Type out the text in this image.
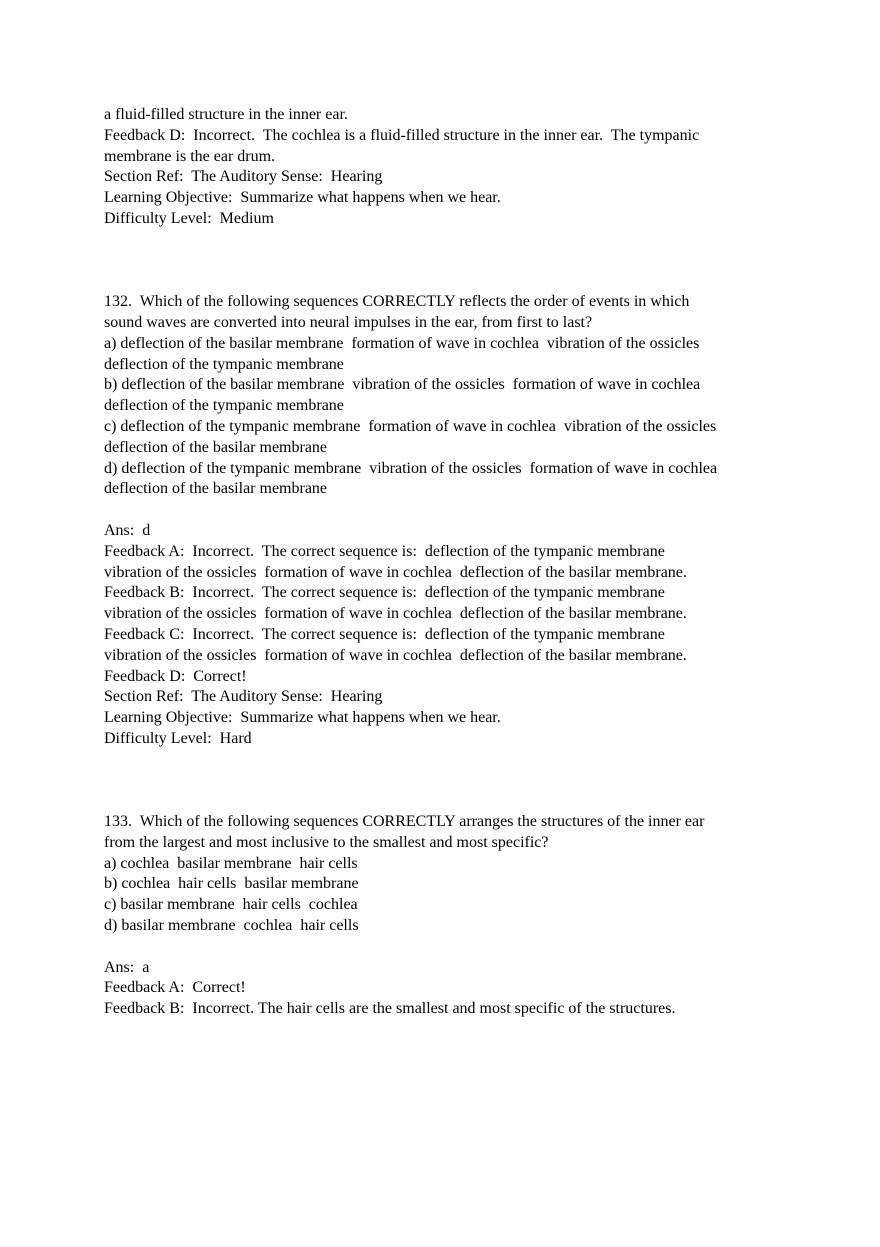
a fluid-filled structure in the inner ear.
Feedback D:  Incorrect.  The cochlea is a fluid-filled structure in the inner ear.  The tympanic
membrane is the ear drum.
Section Ref:  The Auditory Sense:  Hearing
Learning Objective:  Summarize what happens when we hear.
Difficulty Level:  Medium
132.  Which of the following sequences CORRECTLY reflects the order of events in which
sound waves are converted into neural impulses in the ear, from first to last?
a) deflection of the basilar membrane  formation of wave in cochlea  vibration of the ossicles
deflection of the tympanic membrane
b) deflection of the basilar membrane  vibration of the ossicles  formation of wave in cochlea
deflection of the tympanic membrane
c) deflection of the tympanic membrane  formation of wave in cochlea  vibration of the ossicles
deflection of the basilar membrane
d) deflection of the tympanic membrane  vibration of the ossicles  formation of wave in cochlea
deflection of the basilar membrane
Ans:  d
Feedback A:  Incorrect.  The correct sequence is:  deflection of the tympanic membrane
vibration of the ossicles  formation of wave in cochlea  deflection of the basilar membrane.
Feedback B:  Incorrect.  The correct sequence is:  deflection of the tympanic membrane
vibration of the ossicles  formation of wave in cochlea  deflection of the basilar membrane.
Feedback C:  Incorrect.  The correct sequence is:  deflection of the tympanic membrane
vibration of the ossicles  formation of wave in cochlea  deflection of the basilar membrane.
Feedback D:  Correct!
Section Ref:  The Auditory Sense:  Hearing
Learning Objective:  Summarize what happens when we hear.
Difficulty Level:  Hard
133.  Which of the following sequences CORRECTLY arranges the structures of the inner ear
from the largest and most inclusive to the smallest and most specific?
a) cochlea  basilar membrane  hair cells
b) cochlea  hair cells  basilar membrane
c) basilar membrane  hair cells  cochlea
d) basilar membrane  cochlea  hair cells
Ans:  a
Feedback A:  Correct!
Feedback B:  Incorrect. The hair cells are the smallest and most specific of the structures.
